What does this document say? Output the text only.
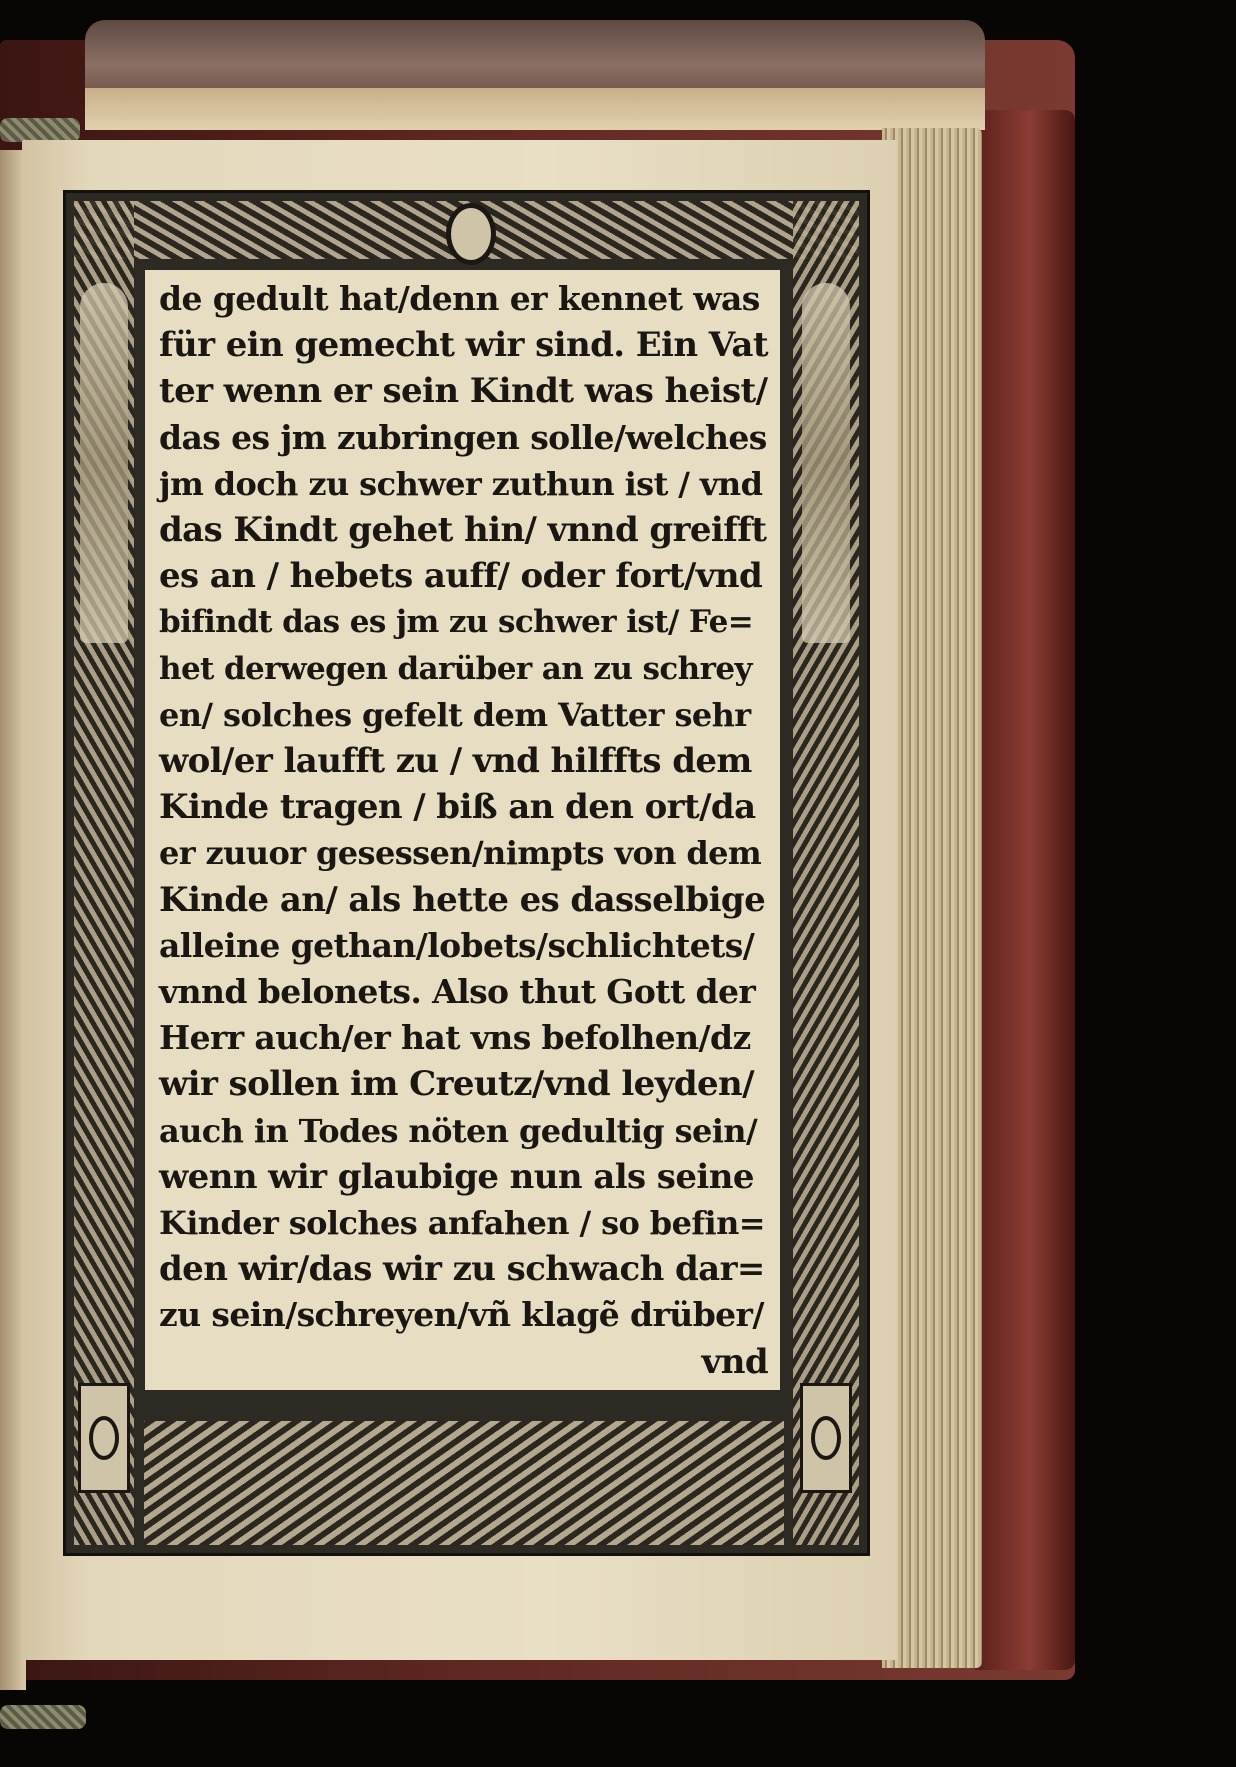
de gedult hat/denn er kennet was
für ein gemecht wir sind. Ein Vat
ter wenn er sein Kindt was heist/
das es jm zubringen solle/welches
jm doch zu schwer zuthun ist / vnd
das Kindt gehet hin/ vnnd greifft
es an / hebets auff/ oder fort/vnd
bifindt das es jm zu schwer ist/ Fe=
het derwegen darüber an zu schrey
en/ solches gefelt dem Vatter sehr
wol/er laufft zu / vnd hilffts dem
Kinde tragen / biß an den ort/da
er zuuor gesessen/nimpts von dem
Kinde an/ als hette es dasselbige
alleine gethan/lobets/schlichtets/
vnnd belonets. Also thut Gott der
Herr auch/er hat vns befolhen/dz
wir sollen im Creutz/vnd leyden/
auch in Todes nöten gedultig sein/
wenn wir glaubige nun als seine
Kinder solches anfahen / so befin=
den wir/das wir zu schwach dar=
zu sein/schreyen/vñ klagẽ drüber/
vnd
